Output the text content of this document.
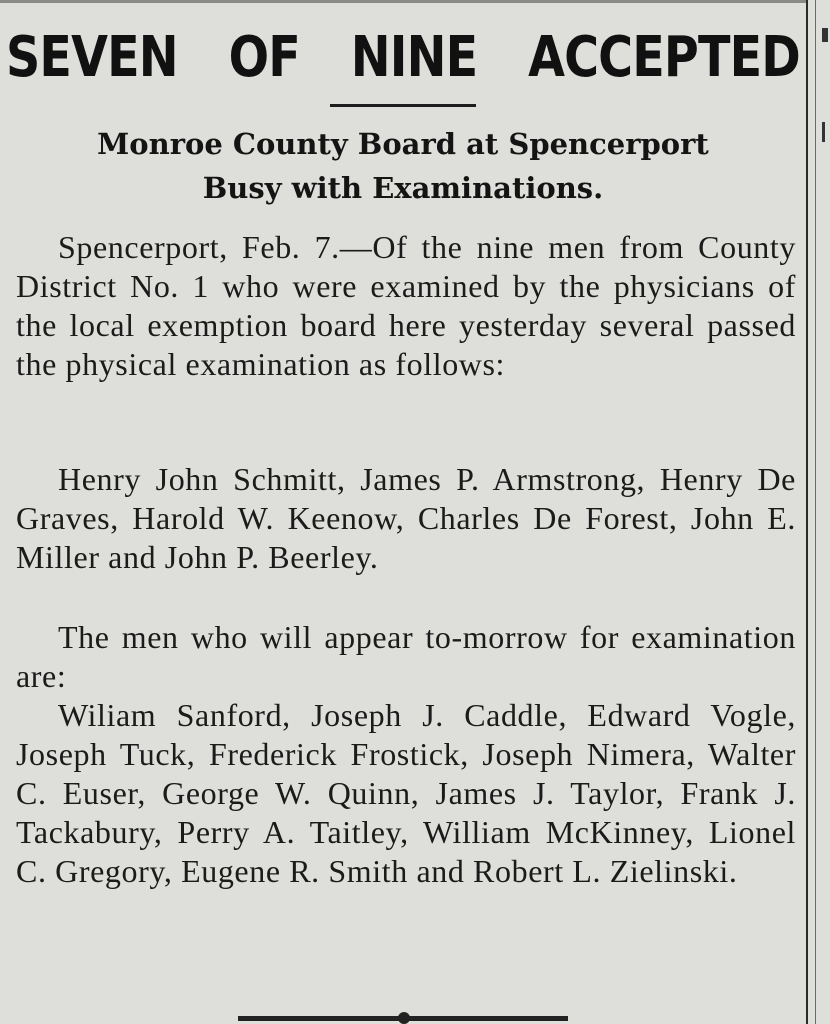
SEVEN OF NINE ACCEPTED
Monroe County Board at Spencerport
Busy with Examinations.

Spencerport, Feb. 7.—Of the nine men from County District No. 1 who were examined by the physicians of the local exemption board here yesterday several passed the physical examination as follows:

Henry John Schmitt, James P. Armstrong, Henry De Graves, Harold W. Keenow, Charles De Forest, John E. Miller and John P. Beerley.

The men who will appear to-morrow for examination are:

Wiliam Sanford, Joseph J. Caddle, Edward Vogle, Joseph Tuck, Frederick Frostick, Joseph Nimera, Walter C. Euser, George W. Quinn, James J. Taylor, Frank J. Tackabury, Perry A. Taitley, William McKinney, Lionel C. Gregory, Eugene R. Smith and Robert L. Zielinski.
